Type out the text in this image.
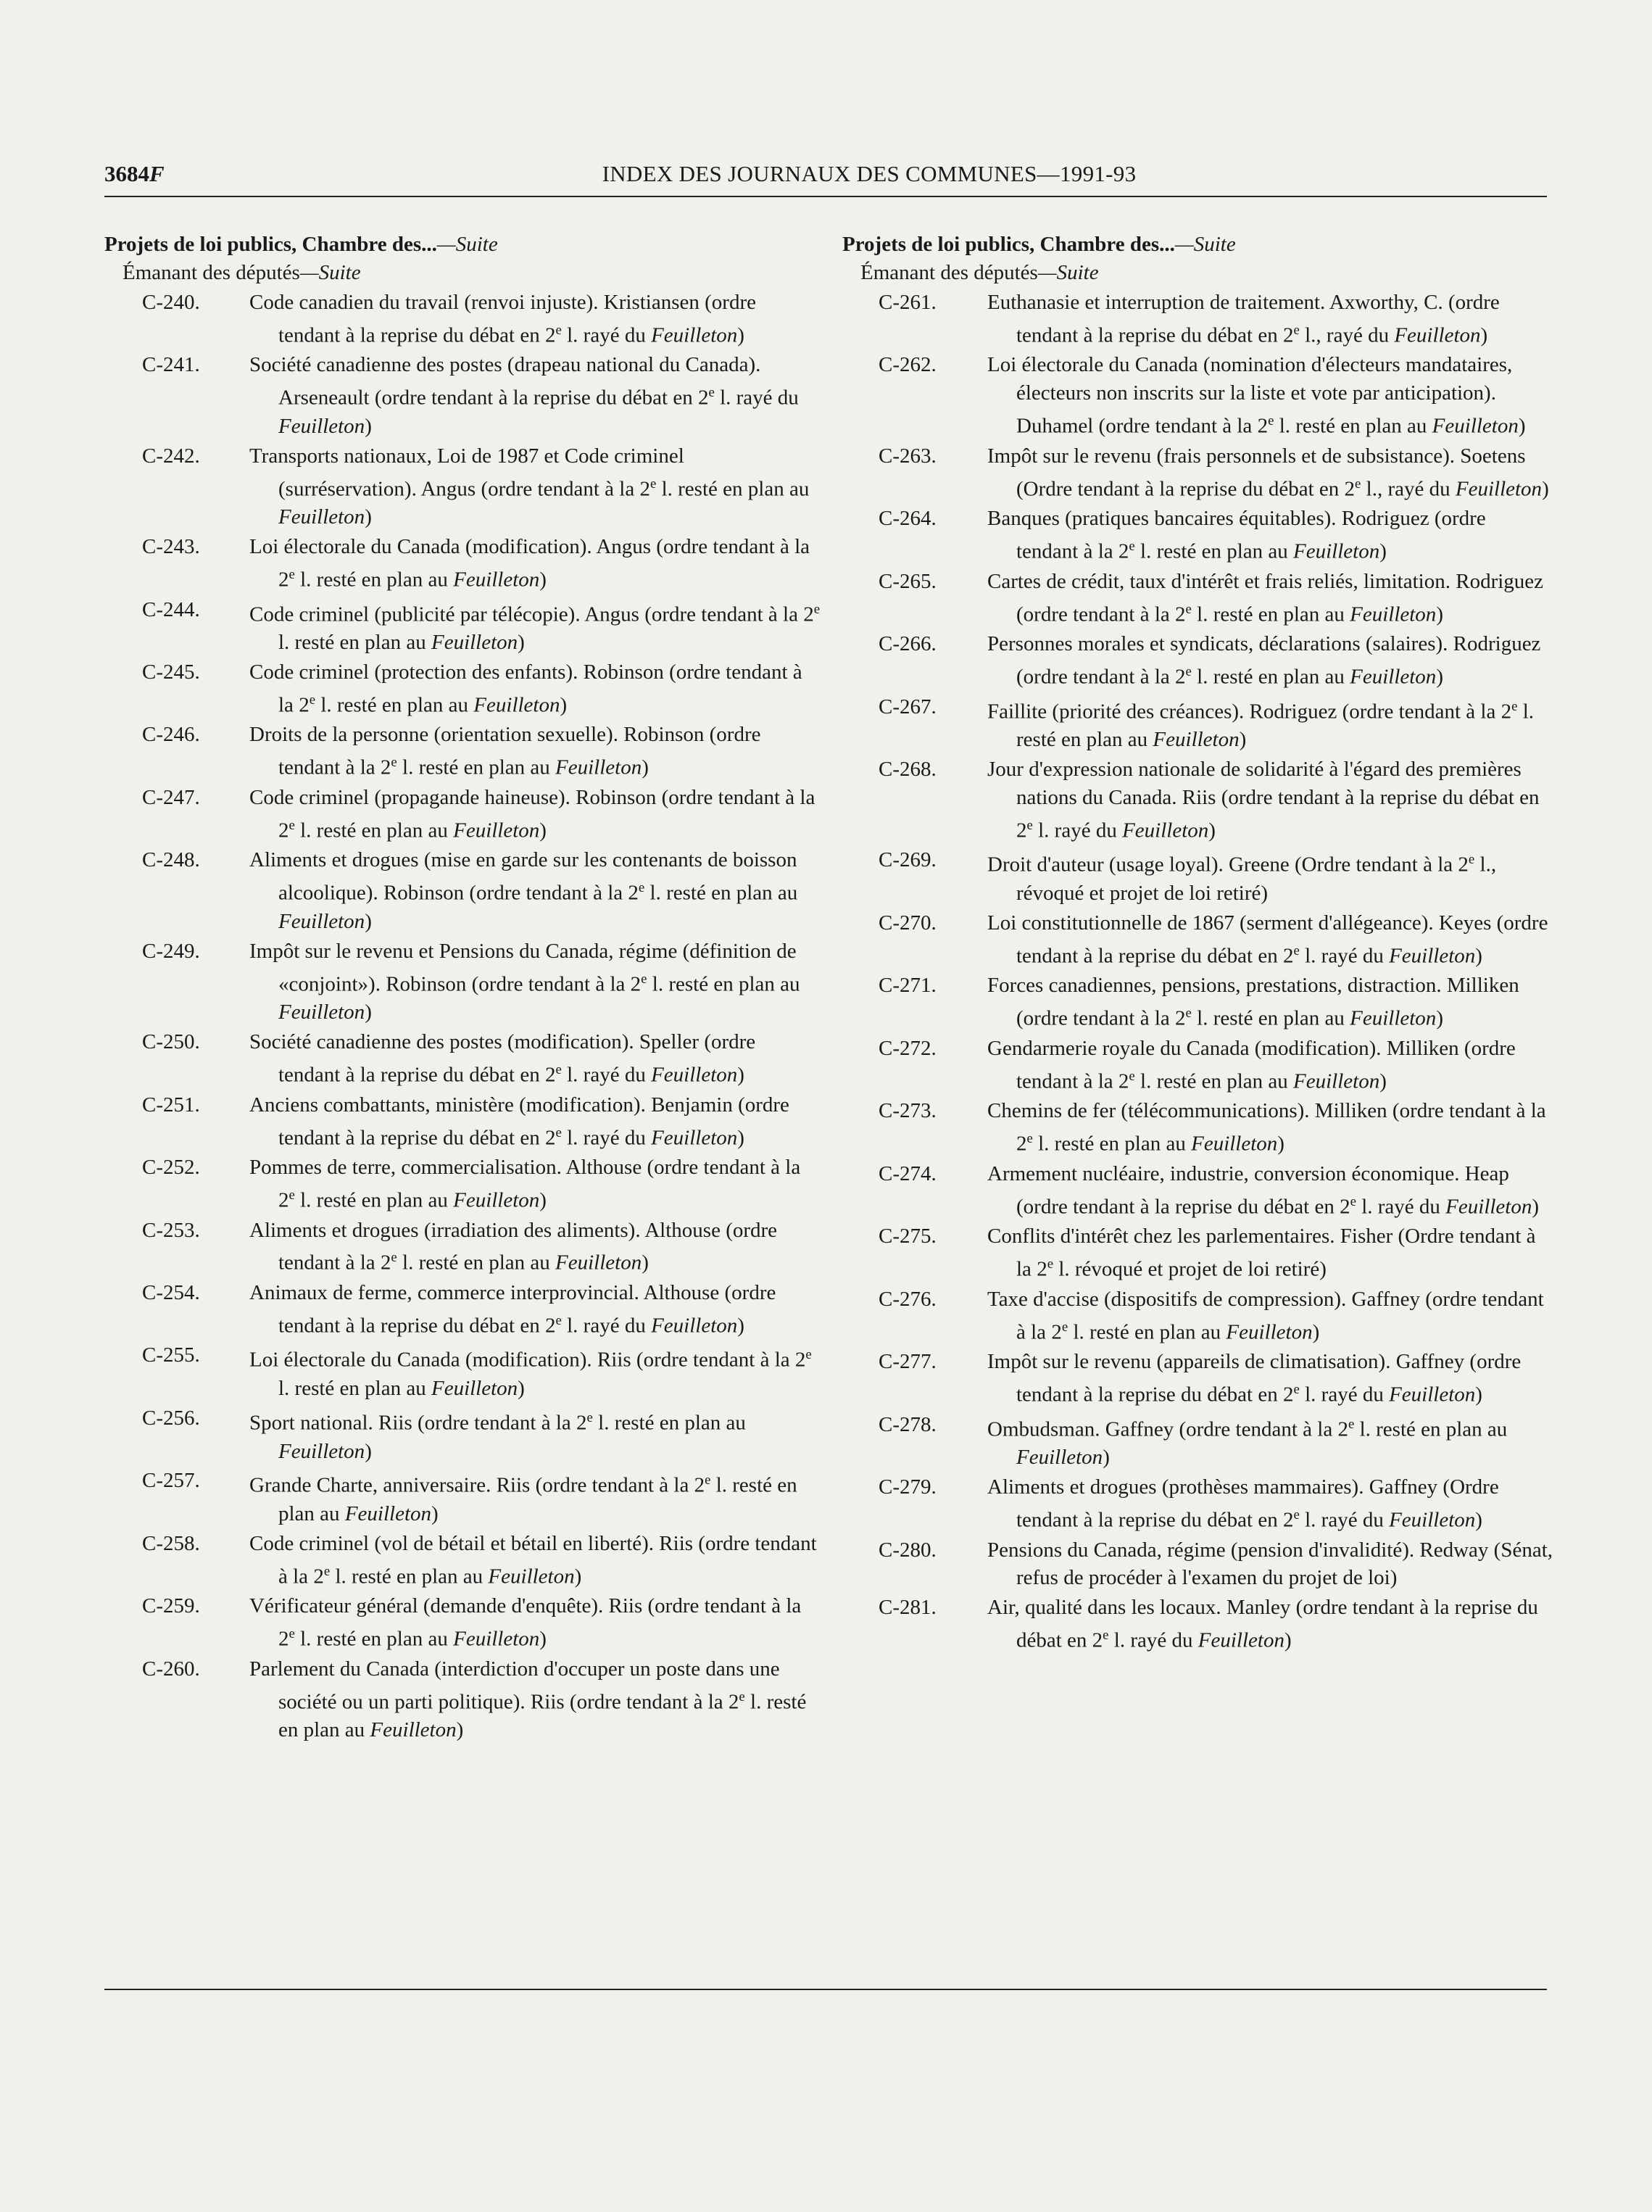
3684F	INDEX DES JOURNAUX DES COMMUNES—1991-93
Projets de loi publics, Chambre des...—Suite
Émanant des députés—Suite
C-240. Code canadien du travail (renvoi injuste). Kristiansen (ordre tendant à la reprise du débat en 2e l. rayé du Feuilleton)
C-241. Société canadienne des postes (drapeau national du Canada). Arseneault (ordre tendant à la reprise du débat en 2e l. rayé du Feuilleton)
C-242. Transports nationaux, Loi de 1987 et Code criminel (surréservation). Angus (ordre tendant à la 2e l. resté en plan au Feuilleton)
C-243. Loi électorale du Canada (modification). Angus (ordre tendant à la 2e l. resté en plan au Feuilleton)
C-244. Code criminel (publicité par télécopie). Angus (ordre tendant à la 2e l. resté en plan au Feuilleton)
C-245. Code criminel (protection des enfants). Robinson (ordre tendant à la 2e l. resté en plan au Feuilleton)
C-246. Droits de la personne (orientation sexuelle). Robinson (ordre tendant à la 2e l. resté en plan au Feuilleton)
C-247. Code criminel (propagande haineuse). Robinson (ordre tendant à la 2e l. resté en plan au Feuilleton)
C-248. Aliments et drogues (mise en garde sur les contenants de boisson alcoolique). Robinson (ordre tendant à la 2e l. resté en plan au Feuilleton)
C-249. Impôt sur le revenu et Pensions du Canada, régime (définition de «conjoint»). Robinson (ordre tendant à la 2e l. resté en plan au Feuilleton)
C-250. Société canadienne des postes (modification). Speller (ordre tendant à la reprise du débat en 2e l. rayé du Feuilleton)
C-251. Anciens combattants, ministère (modification). Benjamin (ordre tendant à la reprise du débat en 2e l. rayé du Feuilleton)
C-252. Pommes de terre, commercialisation. Althouse (ordre tendant à la 2e l. resté en plan au Feuilleton)
C-253. Aliments et drogues (irradiation des aliments). Althouse (ordre tendant à la 2e l. resté en plan au Feuilleton)
C-254. Animaux de ferme, commerce interprovincial. Althouse (ordre tendant à la reprise du débat en 2e l. rayé du Feuilleton)
C-255. Loi électorale du Canada (modification). Riis (ordre tendant à la 2e l. resté en plan au Feuilleton)
C-256. Sport national. Riis (ordre tendant à la 2e l. resté en plan au Feuilleton)
C-257. Grande Charte, anniversaire. Riis (ordre tendant à la 2e l. resté en plan au Feuilleton)
C-258. Code criminel (vol de bétail et bétail en liberté). Riis (ordre tendant à la 2e l. resté en plan au Feuilleton)
C-259. Vérificateur général (demande d'enquête). Riis (ordre tendant à la 2e l. resté en plan au Feuilleton)
C-260. Parlement du Canada (interdiction d'occuper un poste dans une société ou un parti politique). Riis (ordre tendant à la 2e l. resté en plan au Feuilleton)
Projets de loi publics, Chambre des...—Suite
Émanant des députés—Suite
C-261. Euthanasie et interruption de traitement. Axworthy, C. (ordre tendant à la reprise du débat en 2e l., rayé du Feuilleton)
C-262. Loi électorale du Canada (nomination d'électeurs mandataires, électeurs non inscrits sur la liste et vote par anticipation). Duhamel (ordre tendant à la 2e l. resté en plan au Feuilleton)
C-263. Impôt sur le revenu (frais personnels et de subsistance). Soetens (Ordre tendant à la reprise du débat en 2e l., rayé du Feuilleton)
C-264. Banques (pratiques bancaires équitables). Rodriguez (ordre tendant à la 2e l. resté en plan au Feuilleton)
C-265. Cartes de crédit, taux d'intérêt et frais reliés, limitation. Rodriguez (ordre tendant à la 2e l. resté en plan au Feuilleton)
C-266. Personnes morales et syndicats, déclarations (salaires). Rodriguez (ordre tendant à la 2e l. resté en plan au Feuilleton)
C-267. Faillite (priorité des créances). Rodriguez (ordre tendant à la 2e l. resté en plan au Feuilleton)
C-268. Jour d'expression nationale de solidarité à l'égard des premières nations du Canada. Riis (ordre tendant à la reprise du débat en 2e l. rayé du Feuilleton)
C-269. Droit d'auteur (usage loyal). Greene (Ordre tendant à la 2e l., révoqué et projet de loi retiré)
C-270. Loi constitutionnelle de 1867 (serment d'allégeance). Keyes (ordre tendant à la reprise du débat en 2e l. rayé du Feuilleton)
C-271. Forces canadiennes, pensions, prestations, distraction. Milliken (ordre tendant à la 2e l. resté en plan au Feuilleton)
C-272. Gendarmerie royale du Canada (modification). Milliken (ordre tendant à la 2e l. resté en plan au Feuilleton)
C-273. Chemins de fer (télécommunications). Milliken (ordre tendant à la 2e l. resté en plan au Feuilleton)
C-274. Armement nucléaire, industrie, conversion économique. Heap (ordre tendant à la reprise du débat en 2e l. rayé du Feuilleton)
C-275. Conflits d'intérêt chez les parlementaires. Fisher (Ordre tendant à la 2e l. révoqué et projet de loi retiré)
C-276. Taxe d'accise (dispositifs de compression). Gaffney (ordre tendant à la 2e l. resté en plan au Feuilleton)
C-277. Impôt sur le revenu (appareils de climatisation). Gaffney (ordre tendant à la reprise du débat en 2e l. rayé du Feuilleton)
C-278. Ombudsman. Gaffney (ordre tendant à la 2e l. resté en plan au Feuilleton)
C-279. Aliments et drogues (prothèses mammaires). Gaffney (Ordre tendant à la reprise du débat en 2e l. rayé du Feuilleton)
C-280. Pensions du Canada, régime (pension d'invalidité). Redway (Sénat, refus de procéder à l'examen du projet de loi)
C-281. Air, qualité dans les locaux. Manley (ordre tendant à la reprise du débat en 2e l. rayé du Feuilleton)
